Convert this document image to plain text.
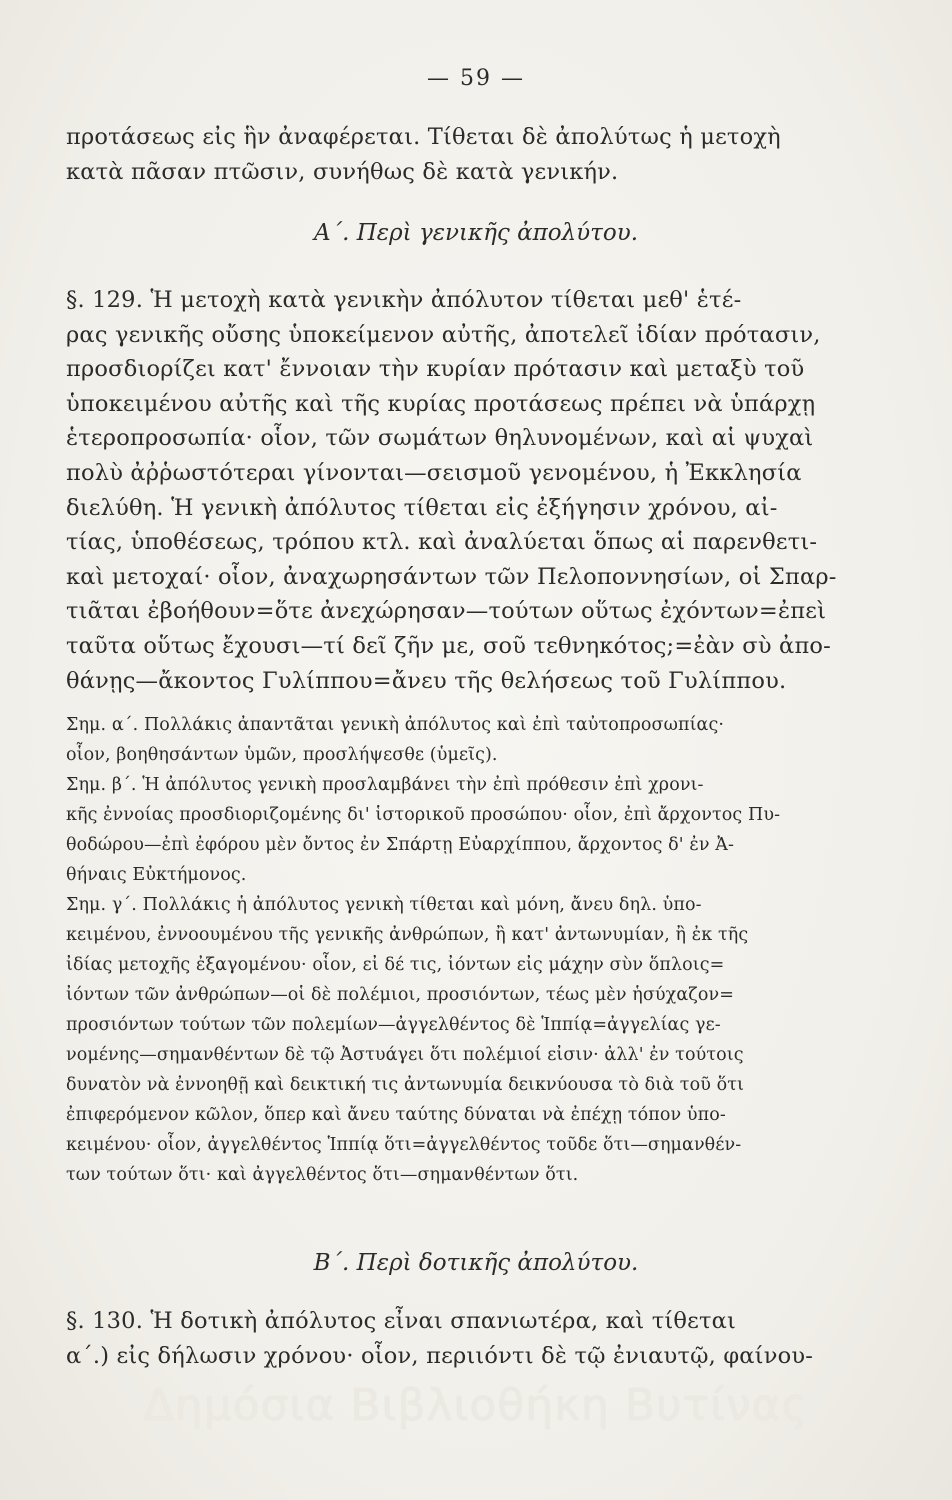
— 59 —
προτάσεως εἰς ἣν ἀναφέρεται. Τίθεται δὲ ἀπολύτως ἡ μετοχὴ
κατὰ πᾶσαν πτῶσιν, συνήθως δὲ κατὰ γενικήν.
Α΄. Περὶ γενικῆς ἀπολύτου.
§. 129. Ἡ μετοχὴ κατὰ γενικὴν ἀπόλυτον τίθεται μεθ' ἑτέ-
ρας γενικῆς οὔσης ὑποκείμενον αὐτῆς, ἀποτελεῖ ἰδίαν πρότασιν,
προσδιορίζει κατ' ἔννοιαν τὴν κυρίαν πρότασιν καὶ μεταξὺ τοῦ
ὑποκειμένου αὐτῆς καὶ τῆς κυρίας προτάσεως πρέπει νὰ ὑπάρχῃ
ἑτεροπροσωπία· οἷον, τῶν σωμάτων θηλυνομένων, καὶ αἱ ψυχαὶ
πολὺ ἀῤῥωστότεραι γίνονται—σεισμοῦ γενομένου, ἡ Ἐκκλησία
διελύθη. Ἡ γενικὴ ἀπόλυτος τίθεται εἰς ἐξήγησιν χρόνου, αἰ-
τίας, ὑποθέσεως, τρόπου κτλ. καὶ ἀναλύεται ὅπως αἱ παρενθετι-
καὶ μετοχαί· οἷον, ἀναχωρησάντων τῶν Πελοποννησίων, οἱ Σπαρ-
τιᾶται ἐβοήθουν=ὅτε ἀνεχώρησαν—τούτων οὕτως ἐχόντων=ἐπεὶ
ταῦτα οὕτως ἔχουσι—τί δεῖ ζῆν με, σοῦ τεθνηκότος;=ἐὰν σὺ ἀπο-
θάνῃς—ἄκοντος Γυλίππου=ἄνευ τῆς θελήσεως τοῦ Γυλίππου.
Σημ. α΄. Πολλάκις ἀπαντᾶται γενικὴ ἀπόλυτος καὶ ἐπὶ ταὐτοπροσωπίας·
οἷον, βοηθησάντων ὑμῶν, προσλήψεσθε (ὑμεῖς).
Σημ. β΄. Ἡ ἀπόλυτος γενικὴ προσλαμβάνει τὴν ἐπὶ πρόθεσιν ἐπὶ χρονι-
κῆς ἐννοίας προσδιοριζομένης δι' ἱστορικοῦ προσώπου· οἷον, ἐπὶ ἄρχοντος Πυ-
θοδώρου—ἐπὶ ἐφόρου μὲν ὄντος ἐν Σπάρτῃ Εὐαρχίππου, ἄρχοντος δ' ἐν Ἀ-
θήναις Εὐκτήμονος.
Σημ. γ΄. Πολλάκις ἡ ἀπόλυτος γενικὴ τίθεται καὶ μόνη, ἄνευ δηλ. ὑπο-
κειμένου, ἐννοουμένου τῆς γενικῆς ἀνθρώπων, ἢ κατ' ἀντωνυμίαν, ἢ ἐκ τῆς
ἰδίας μετοχῆς ἐξαγομένου· οἷον, εἰ δέ τις, ἰόντων εἰς μάχην σὺν ὅπλοις=
ἰόντων τῶν ἀνθρώπων—οἱ δὲ πολέμιοι, προσιόντων, τέως μὲν ἡσύχαζον=
προσιόντων τούτων τῶν πολεμίων—ἀγγελθέντος δὲ Ἱππίᾳ=ἀγγελίας γε-
νομένης—σημανθέντων δὲ τῷ Ἀστυάγει ὅτι πολέμιοί εἰσιν· ἀλλ' ἐν τούτοις
δυνατὸν νὰ ἐννοηθῇ καὶ δεικτική τις ἀντωνυμία δεικνύουσα τὸ διὰ τοῦ ὅτι
ἐπιφερόμενον κῶλον, ὅπερ καὶ ἄνευ ταύτης δύναται νὰ ἐπέχῃ τόπον ὑπο-
κειμένου· οἷον, ἀγγελθέντος Ἱππίᾳ ὅτι=ἀγγελθέντος τοῦδε ὅτι—σημανθέν-
των τούτων ὅτι· καὶ ἀγγελθέντος ὅτι—σημανθέντων ὅτι.
Β΄. Περὶ δοτικῆς ἀπολύτου.
§. 130. Ἡ δοτικὴ ἀπόλυτος εἶναι σπανιωτέρα, καὶ τίθεται
α΄.) εἰς δήλωσιν χρόνου· οἷον, περιιόντι δὲ τῷ ἐνιαυτῷ, φαίνου-
Δημόσια Βιβλιοθήκη Βυτίνας
